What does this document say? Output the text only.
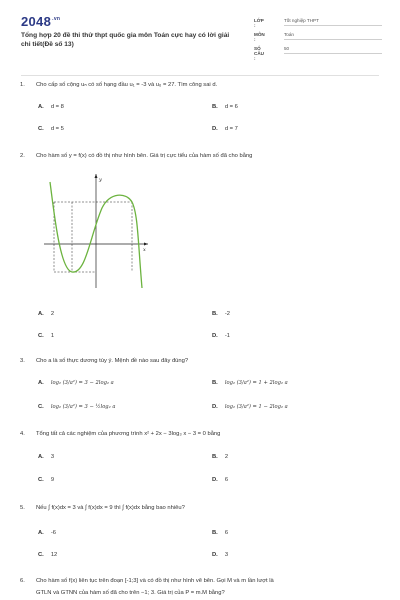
$2048^{.vn}$
Tổng hợp 20 đề thi thử thpt quốc gia môn Toán cực hay có lời giải chi tiết(Đề số 13)
LỚP :
Tốt nghiệp THPT
MÔN :
Toán
SỐ CÂU :
50
1. Cho cấp số cộng uₙ có số hạng đầu u₁ = -3 và u₆ = 27. Tìm công sai d.
A. d = 8	B. d = 6
C. d = 5	D. d = 7
2. Cho hàm số y = f(x) có đồ thị như hình bên. Giá trị cực tiểu của hàm số đã cho bằng
x
y
A. 2	B. -2
C. 1	D. -1
3. Cho a là số thực dương tùy ý. Mệnh đề nào sau đây đúng?
A. log₂ (3/a²) = 3 − 2log₂ a	B. log₂ (3/a²) = 1 + 2log₂ a
C. log₂ (3/a²) = 3 − ½log₂ a	D. log₂ (3/a²) = 1 − 2log₂ a
4. Tổng tất cả các nghiệm của phương trình x² + 2x − 3log₃ x − 3 = 0 bằng
A. 3	B. 2
C. 9	D. 6
5. Nếu ∫ f(x)dx = 3 và ∫ f(x)dx = 9 thì ∫ f(x)dx bằng bao nhiêu?
A. -6	B. 6
C. 12	D. 3
6. Cho hàm số f(x) liên tục trên đoạn [-1;3] và có đồ thị như hình vẽ bên. Gọi M và m lần lượt là
GTLN và GTNN của hàm số đã cho trên −1; 3. Giá trị của P = m.M bằng?
